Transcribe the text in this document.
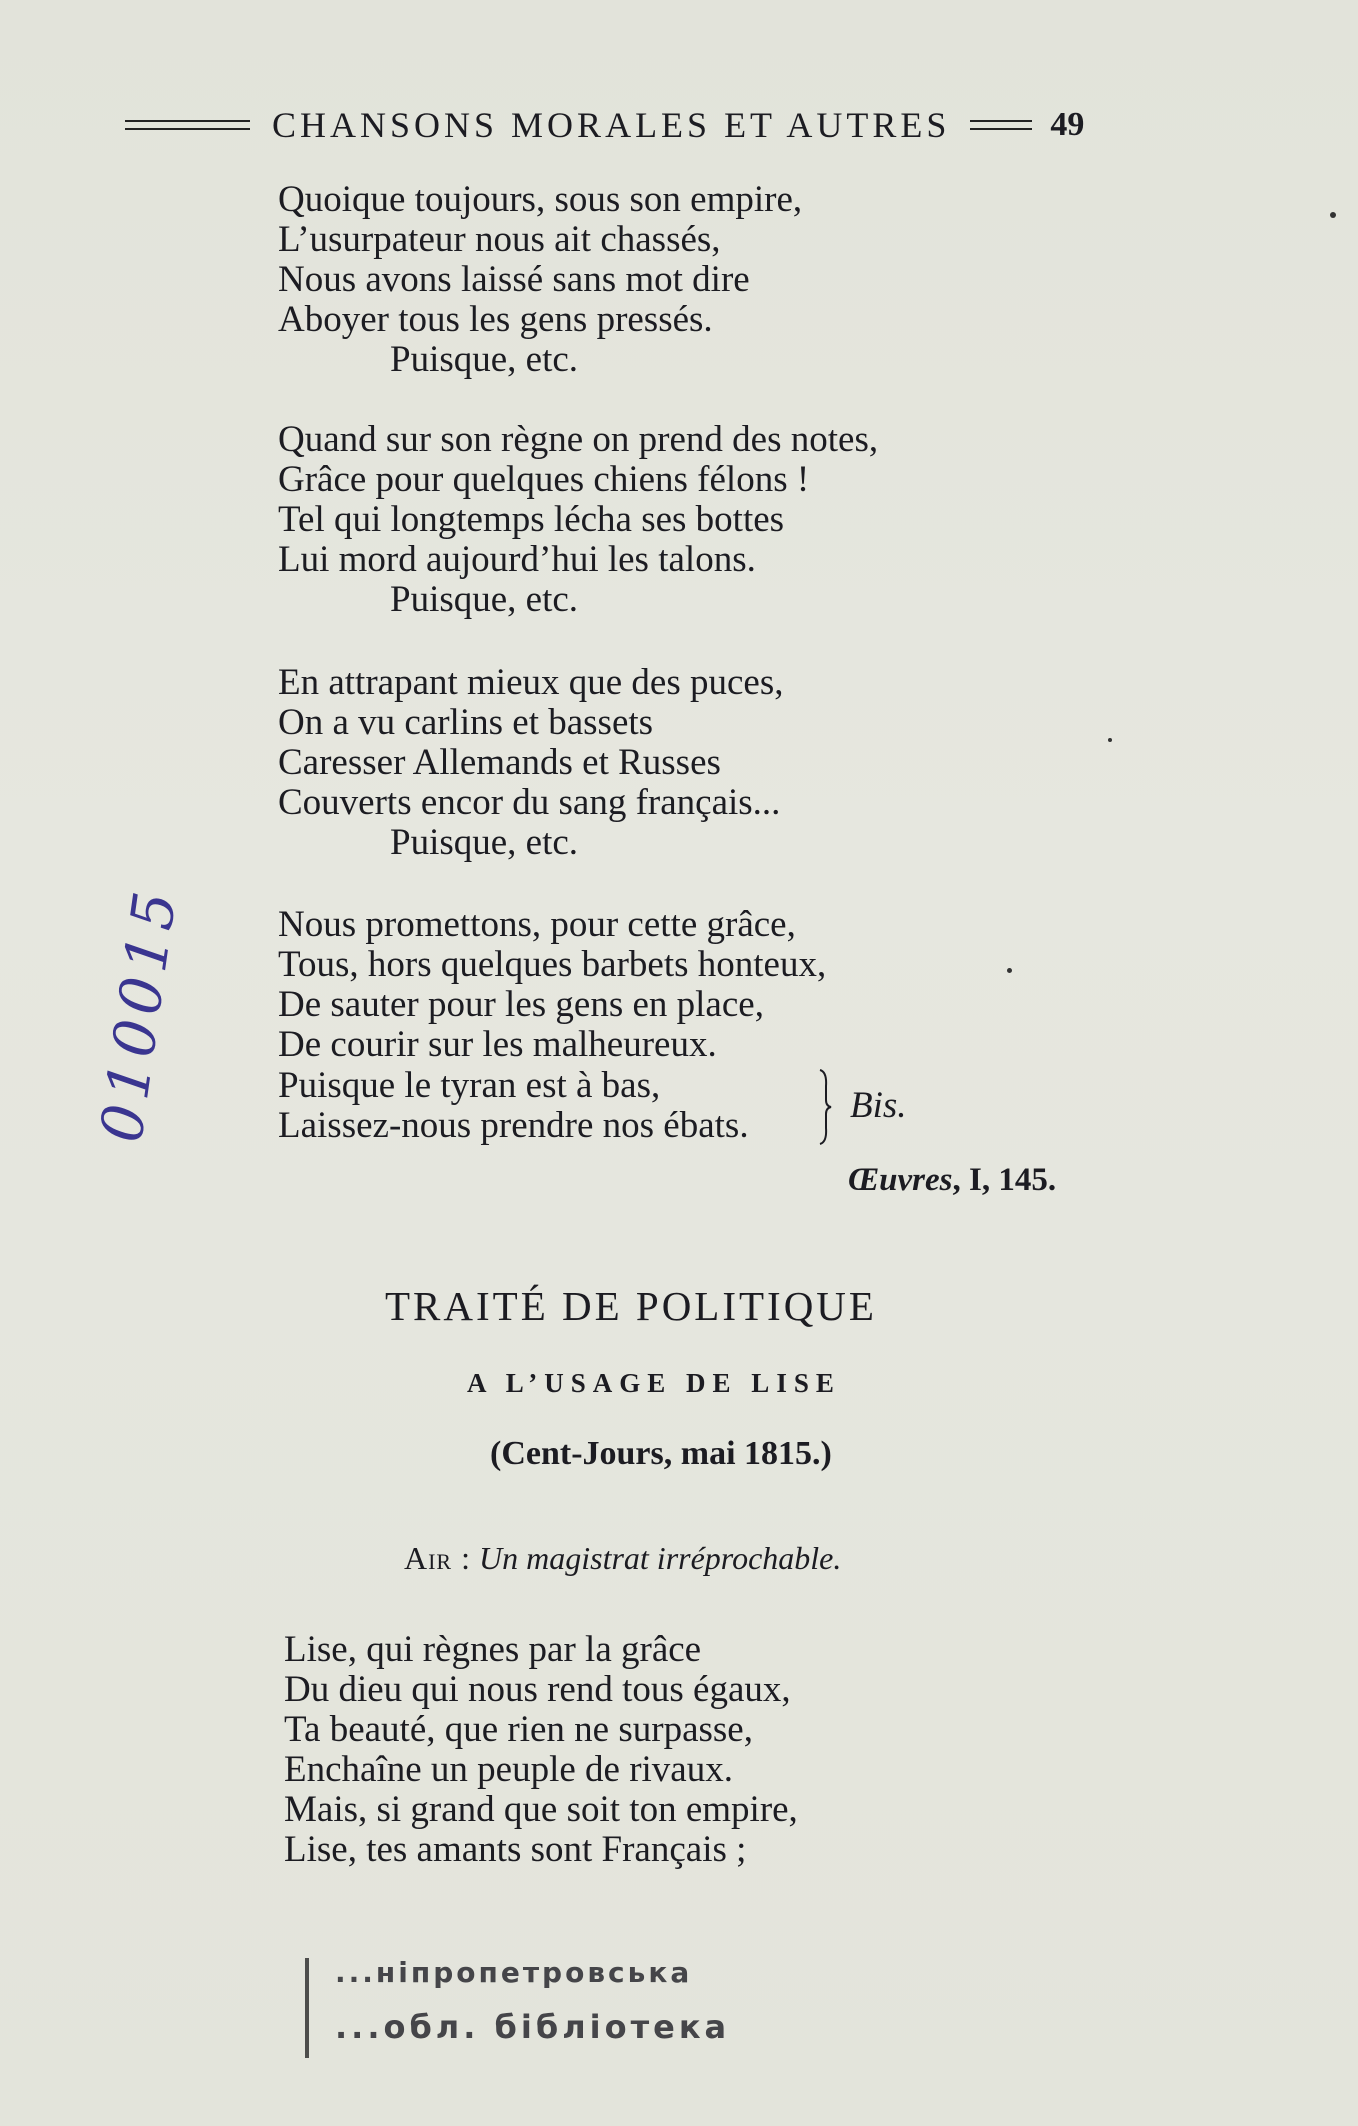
CHANSONS MORALES ET AUTRES	49
Quoique toujours, sous son empire,
L’usurpateur nous ait chassés,
Nous avons laissé sans mot dire
Aboyer tous les gens pressés.
Puisque, etc.
Quand sur son règne on prend des notes,
Grâce pour quelques chiens félons !
Tel qui longtemps lécha ses bottes
Lui mord aujourd’hui les talons.
Puisque, etc.
En attrapant mieux que des puces,
On a vu carlins et bassets
Caresser Allemands et Russes
Couverts encor du sang français...
Puisque, etc.
Nous promettons, pour cette grâce,
Tous, hors quelques barbets honteux,
De sauter pour les gens en place,
De courir sur les malheureux.
Puisque le tyran est à bas,
Laissez-nous prendre nos ébats.	Bis.
Œuvres, I, 145.
TRAITÉ DE POLITIQUE
A L’USAGE DE LISE
(Cent-Jours, mai 1815.)
Air : Un magistrat irréprochable.
Lise, qui règnes par la grâce
Du dieu qui nous rend tous égaux,
Ta beauté, que rien ne surpasse,
Enchaîne un peuple de rivaux.
Mais, si grand que soit ton empire,
Lise, tes amants sont Français ;
010015
...ніпропетровська
...обл. бібліотека
